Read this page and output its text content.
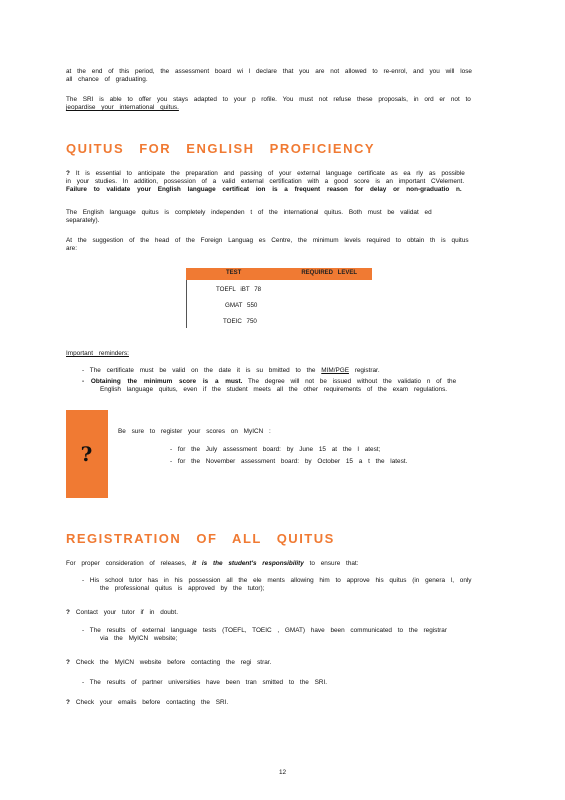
at the end of this period, the assessment board wi l declare that you are not allowed to re-enrol, and you will lose
all chance of graduating.
The SRI is able to offer you stays adapted to your p rofile. You must not refuse these proposals, in ord er not to
jeopardise your international quitus.
QUITUS FOR ENGLISH PROFICIENCY
? It is essential to anticipate the preparation and passing of your external language certificate as ea rly as possible
in your studies. In addition, possession of a valid external certification with a good score is an important CVelement.
Failure to validate your English language certificat ion is a frequent reason for delay or non-graduatio n.
The English language quitus is completely independen t of the international quitus. Both must be validat ed
separately).
At the suggestion of the head of the Foreign Languag es Centre, the minimum levels required to obtain th is quitus
are:
TEST	REQUIRED LEVEL
TOEFL iBT 78
GMAT 550
TOEIC 750
Important reminders:
- The certificate must be valid on the date it is su bmitted to the MIM/PGE registrar.
- Obtaining the minimum score is a must. The degree will not be issued without the validatio n of the
English language quitus, even if the student meets all the other requirements of the exam regulations.
?
Be sure to register your scores on MyICN :
- for the July assessment board: by June 15 at the l atest;
- for the November assessment board: by October 15 a t the latest.
REGISTRATION OF ALL QUITUS
For proper consideration of releases, it is the student's responsibility to ensure that:
- His school tutor has in his possession all the ele ments allowing him to approve his quitus (in genera l, only
the professional quitus is approved by the tutor);
? Contact your tutor if in doubt.
- The results of external language tests (TOEFL, TOEIC , GMAT) have been communicated to the registrar
via the MyICN website;
? Check the MyICN website before contacting the regi strar.
- The results of partner universities have been tran smitted to the SRI.
? Check your emails before contacting the SRI.
12
